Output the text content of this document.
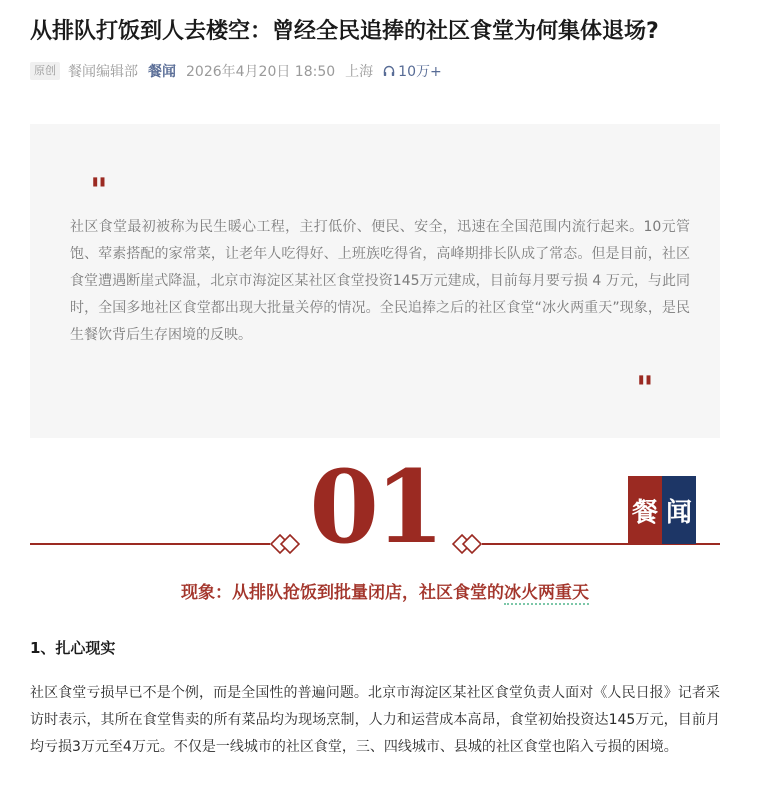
从排队打饭到人去楼空：曾经全民追捧的社区食堂为何集体退场?
原创 餐闻编辑部 餐闻 2026年4月20日 18:50 上海 10万+
"

社区食堂最初被称为民生暖心工程，主打低价、便民、安全，迅速在全国范围内流行起来。10元管饱、荤素搭配的家常菜，让老年人吃得好、上班族吃得省，高峰期排长队成了常态。但是目前，社区食堂遭遇断崖式降温，北京市海淀区某社区食堂投资145万元建成，目前每月要亏损 4 万元，与此同时，全国多地社区食堂都出现大批量关停的情况。全民追捧之后的社区食堂“冰火两重天”现象，是民生餐饮背后生存困境的反映。

"
01	餐 闻
现象：从排队抢饭到批量闭店，社区食堂的冰火两重天
1、扎心现实

社区食堂亏损早已不是个例，而是全国性的普遍问题。北京市海淀区某社区食堂负责人面对《人民日报》记者采访时表示，其所在食堂售卖的所有菜品均为现场烹制，人力和运营成本高昂，食堂初始投资达145万元，目前月均亏损3万元至4万元。不仅是一线城市的社区食堂，三、四线城市、县城的社区食堂也陷入亏损的困境。
